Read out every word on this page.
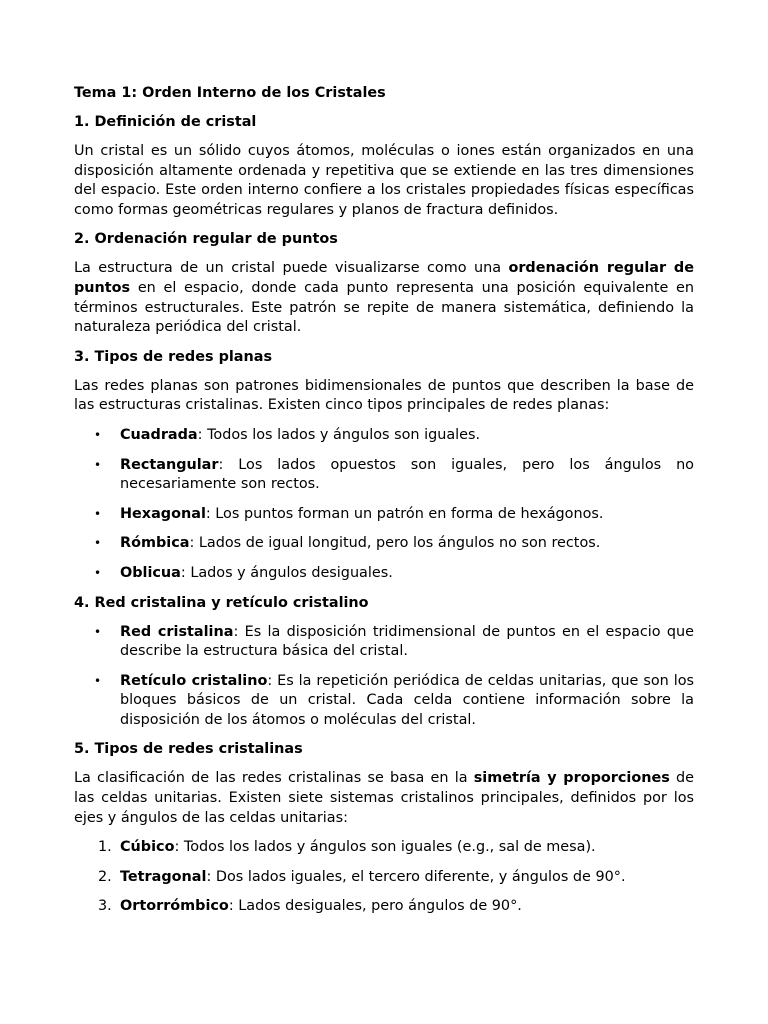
Tema 1: Orden Interno de los Cristales
1. Definición de cristal

Un cristal es un sólido cuyos átomos, moléculas o iones están organizados en una disposición altamente ordenada y repetitiva que se extiende en las tres dimensiones del espacio. Este orden interno confiere a los cristales propiedades físicas específicas como formas geométricas regulares y planos de fractura definidos.

2. Ordenación regular de puntos

La estructura de un cristal puede visualizarse como una ordenación regular de puntos en el espacio, donde cada punto representa una posición equivalente en términos estructurales. Este patrón se repite de manera sistemática, definiendo la naturaleza periódica del cristal.

3. Tipos de redes planas

Las redes planas son patrones bidimensionales de puntos que describen la base de las estructuras cristalinas. Existen cinco tipos principales de redes planas:

• Cuadrada: Todos los lados y ángulos son iguales.
• Rectangular: Los lados opuestos son iguales, pero los ángulos no necesariamente son rectos.
• Hexagonal: Los puntos forman un patrón en forma de hexágonos.
• Rómbica: Lados de igual longitud, pero los ángulos no son rectos.
• Oblicua: Lados y ángulos desiguales.
4. Red cristalina y retículo cristalino
• Red cristalina: Es la disposición tridimensional de puntos en el espacio que describe la estructura básica del cristal.
• Retículo cristalino: Es la repetición periódica de celdas unitarias, que son los bloques básicos de un cristal. Cada celda contiene información sobre la disposición de los átomos o moléculas del cristal.
5. Tipos de redes cristalinas

La clasificación de las redes cristalinas se basa en la simetría y proporciones de las celdas unitarias. Existen siete sistemas cristalinos principales, definidos por los ejes y ángulos de las celdas unitarias:

1. Cúbico: Todos los lados y ángulos son iguales (e.g., sal de mesa).
2. Tetragonal: Dos lados iguales, el tercero diferente, y ángulos de 90°.
3. Ortorrómbico: Lados desiguales, pero ángulos de 90°.
